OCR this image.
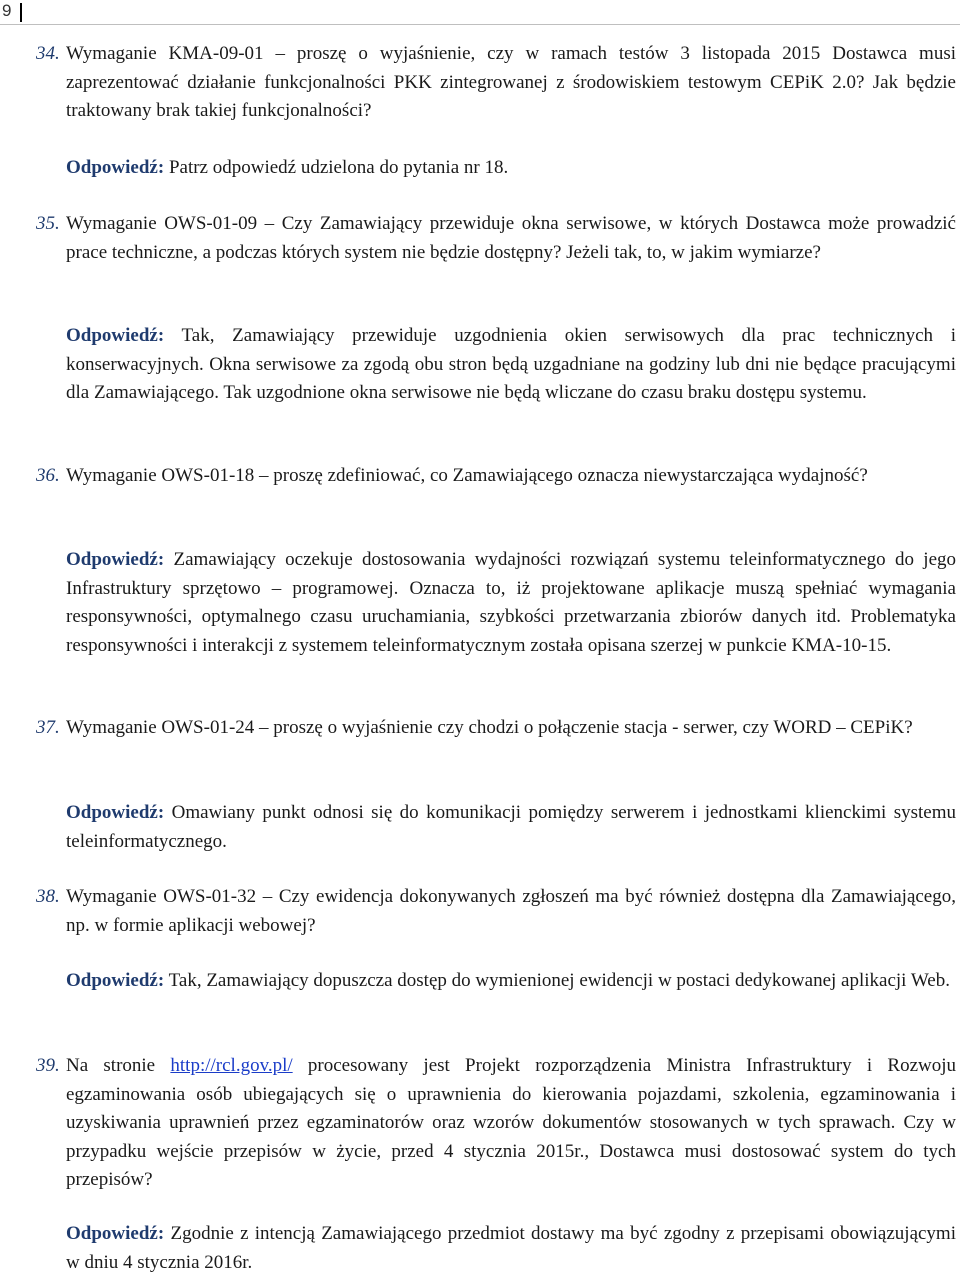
9
34. Wymaganie KMA-09-01 – proszę o wyjaśnienie, czy w ramach testów 3 listopada 2015 Dostawca musi zaprezentować działanie funkcjonalności PKK zintegrowanej z środowiskiem testowym CEPiK 2.0? Jak będzie traktowany brak takiej funkcjonalności?
Odpowiedź: Patrz odpowiedź udzielona do pytania nr 18.
35. Wymaganie OWS-01-09 – Czy Zamawiający przewiduje okna serwisowe, w których Dostawca może prowadzić prace techniczne, a podczas których system nie będzie dostępny? Jeżeli tak, to, w jakim wymiarze?
Odpowiedź: Tak, Zamawiający przewiduje uzgodnienia okien serwisowych dla prac technicznych i konserwacyjnych. Okna serwisowe za zgodą obu stron będą uzgadniane na godziny lub dni nie będące pracującymi dla Zamawiającego. Tak uzgodnione okna serwisowe nie będą wliczane do czasu braku dostępu systemu.
36. Wymaganie OWS-01-18 – proszę zdefiniować, co Zamawiającego oznacza niewystarczająca wydajność?
Odpowiedź: Zamawiający oczekuje dostosowania wydajności rozwiązań systemu teleinformatycznego do jego Infrastruktury sprzętowo – programowej. Oznacza to, iż projektowane aplikacje muszą spełniać wymagania responsywności, optymalnego czasu uruchamiania, szybkości przetwarzania zbiorów danych itd. Problematyka responsywności i interakcji z systemem teleinformatycznym została opisana szerzej w punkcie KMA-10-15.
37. Wymaganie OWS-01-24 – proszę o wyjaśnienie czy chodzi o połączenie stacja - serwer, czy WORD – CEPiK?
Odpowiedź: Omawiany punkt odnosi się do komunikacji pomiędzy serwerem i jednostkami klienckimi systemu teleinformatycznego.
38. Wymaganie OWS-01-32 – Czy ewidencja dokonywanych zgłoszeń ma być również dostępna dla Zamawiającego, np. w formie aplikacji webowej?
Odpowiedź: Tak, Zamawiający dopuszcza dostęp do wymienionej ewidencji w postaci dedykowanej aplikacji Web.
39. Na stronie http://rcl.gov.pl/ procesowany jest Projekt rozporządzenia Ministra Infrastruktury i Rozwoju egzaminowania osób ubiegających się o uprawnienia do kierowania pojazdami, szkolenia, egzaminowania i uzyskiwania uprawnień przez egzaminatorów oraz wzorów dokumentów stosowanych w tych sprawach. Czy w przypadku wejście przepisów w życie, przed 4 stycznia 2015r., Dostawca musi dostosować system do tych przepisów?
Odpowiedź: Zgodnie z intencją Zamawiającego przedmiot dostawy ma być zgodny z przepisami obowiązującymi w dniu 4 stycznia 2016r.
